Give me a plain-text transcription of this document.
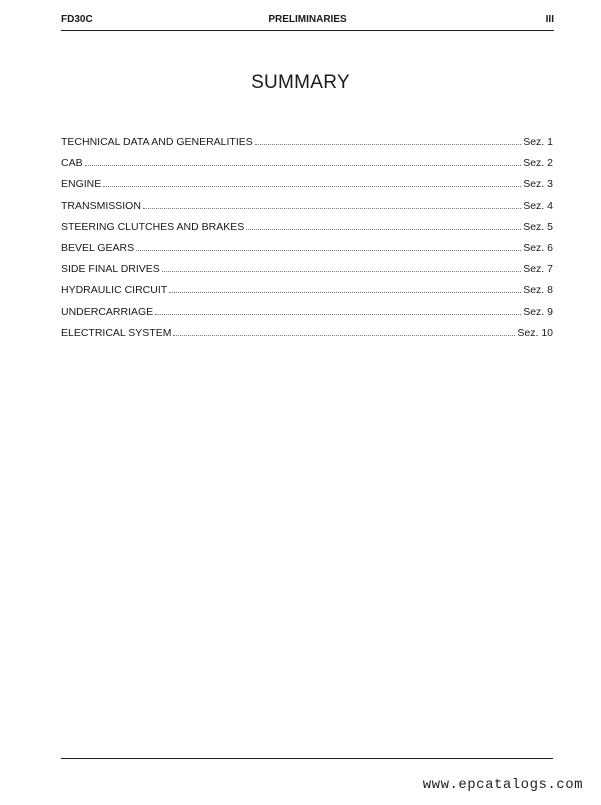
FD30C	PRELIMINARIES	III
SUMMARY
TECHNICAL DATA AND GENERALITIES	Sez. 1
CAB	Sez. 2
ENGINE	Sez. 3
TRANSMISSION	Sez. 4
STEERING CLUTCHES AND BRAKES	Sez. 5
BEVEL GEARS	Sez. 6
SIDE FINAL DRIVES	Sez. 7
HYDRAULIC CIRCUIT	Sez. 8
UNDERCARRIAGE	Sez. 9
ELECTRICAL SYSTEM	Sez. 10
www.epcatalogs.com
